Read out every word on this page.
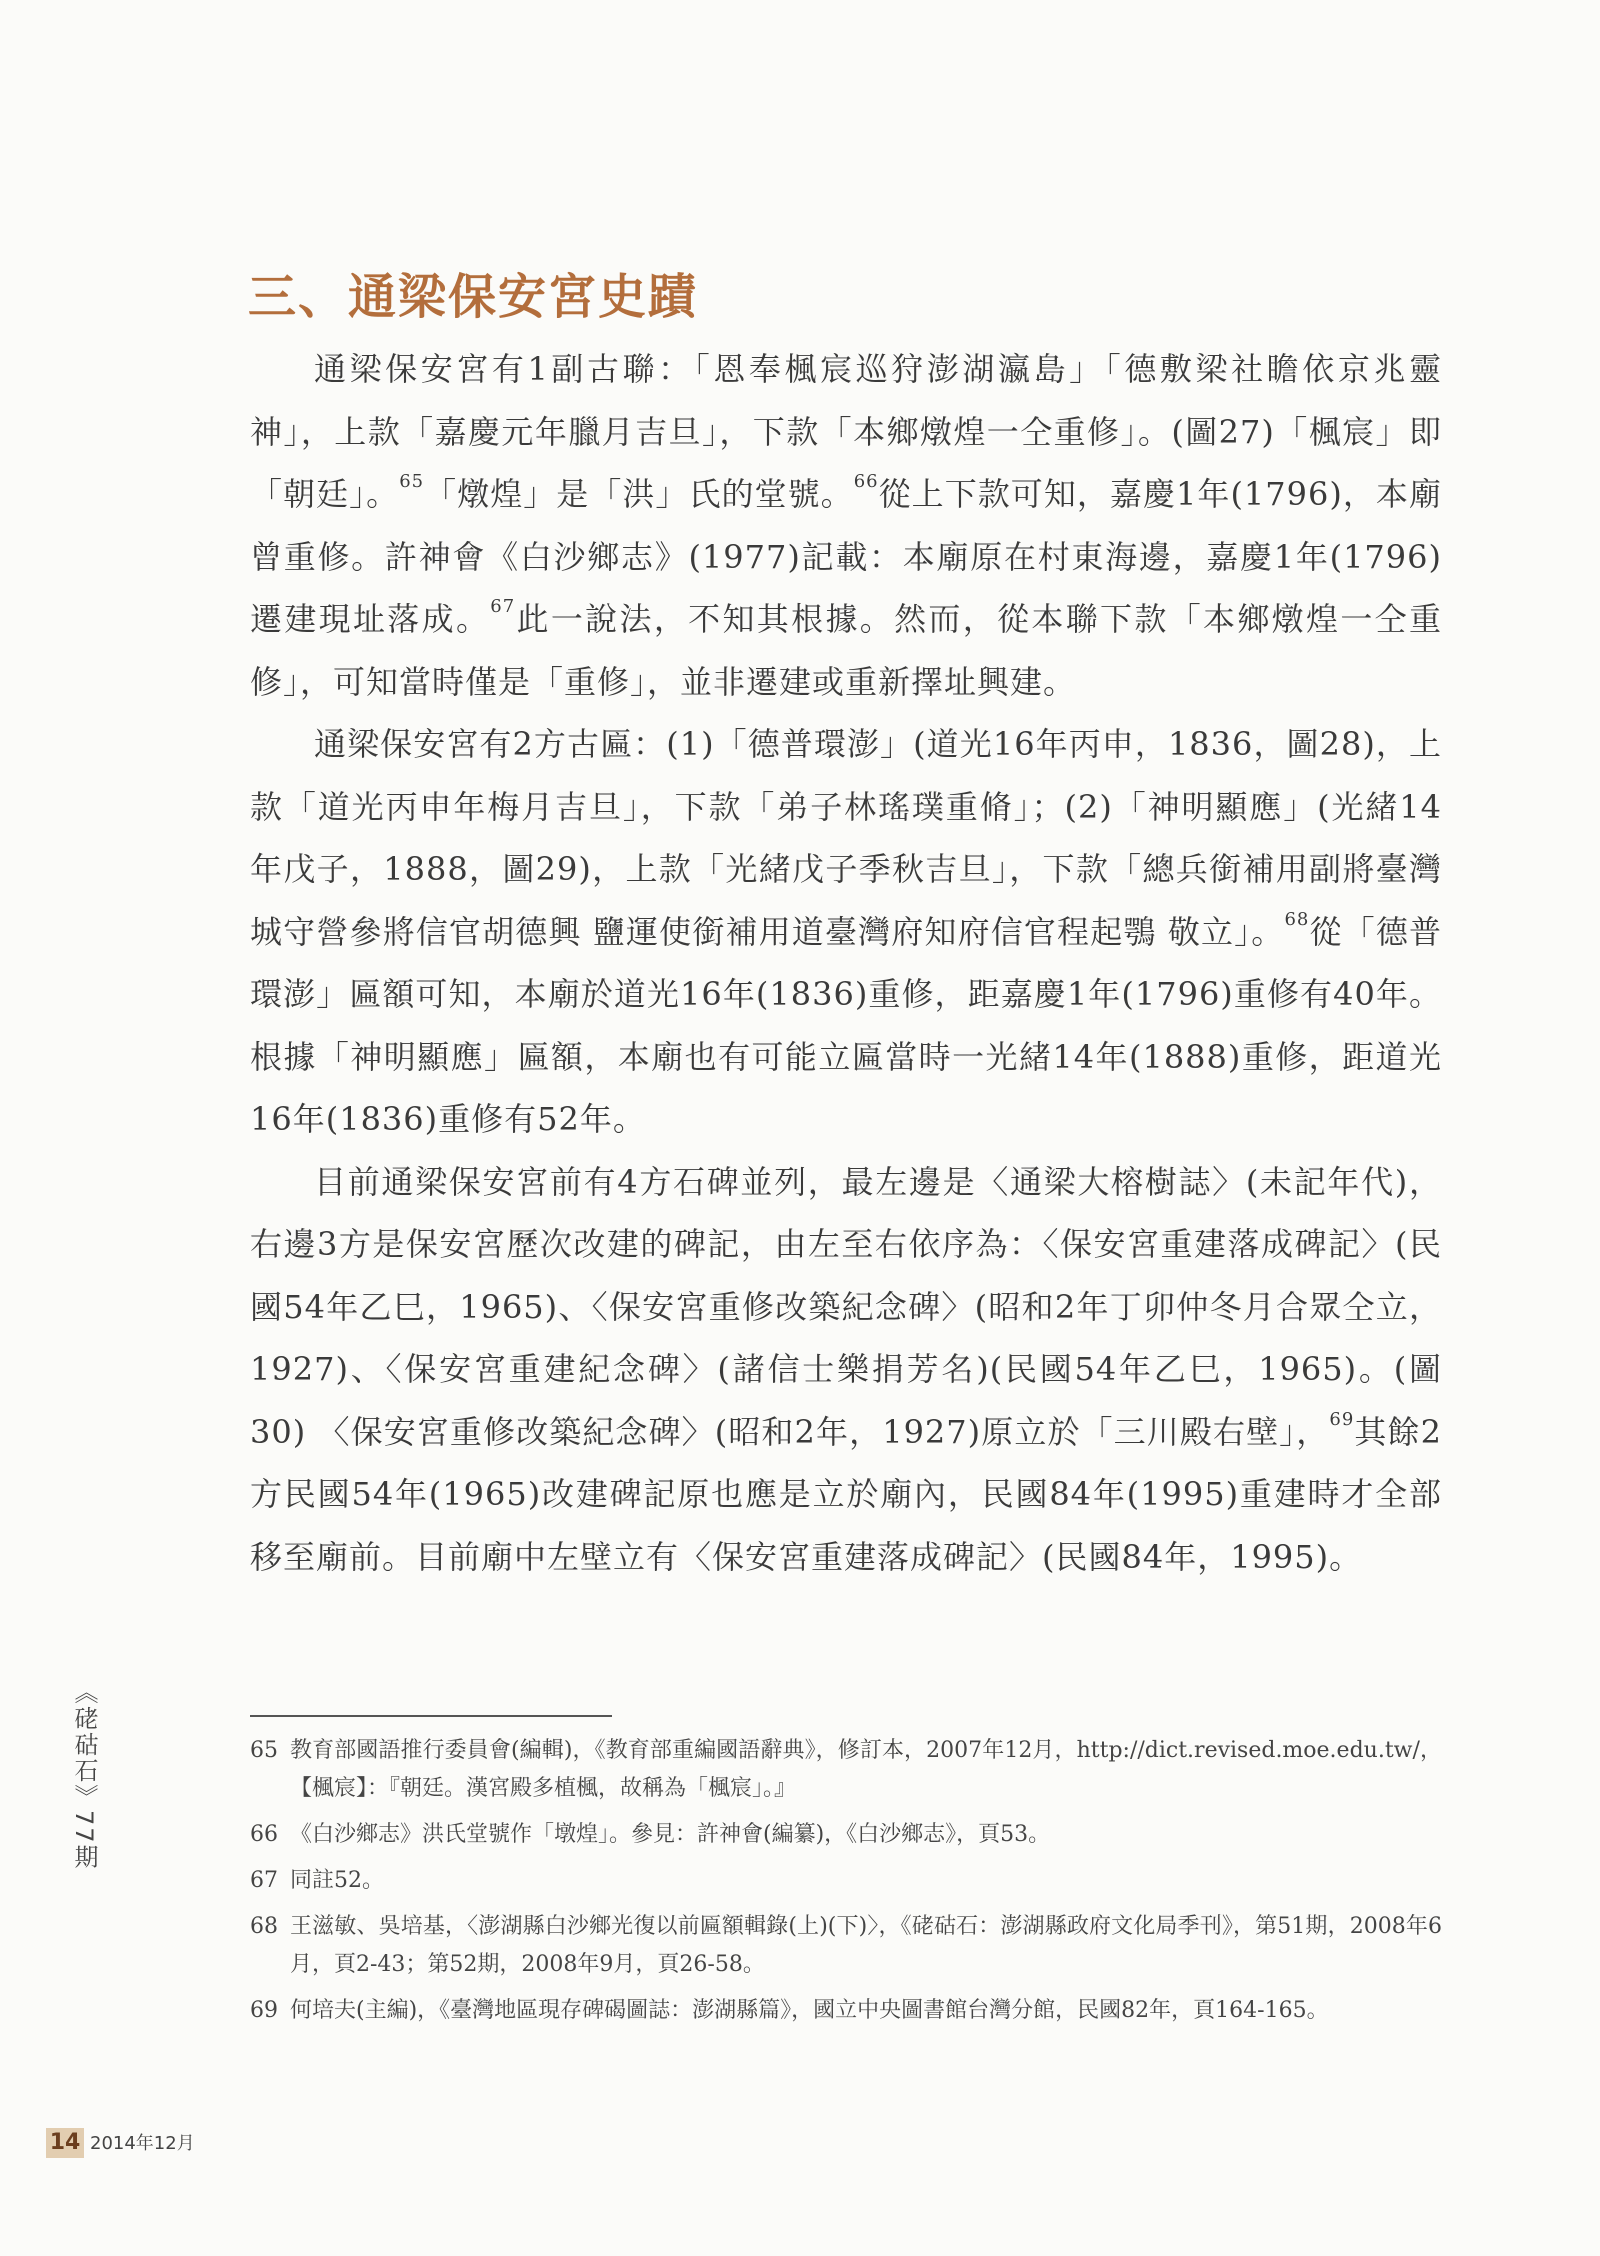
三、通梁保安宮史蹟

通梁保安宮有1副古聯：「恩奉楓宸巡狩澎湖瀛島」「德敷梁社瞻依京兆靈神」，上款「嘉慶元年臘月吉旦」，下款「本鄉燉煌一仝重修」。(圖27)「楓宸」即「朝廷」。$^{65}$「燉煌」是「洪」氏的堂號。$^{66}$從上下款可知，嘉慶1年(1796)，本廟曾重修。許神會《白沙鄉志》(1977)記載：本廟原在村東海邊，嘉慶1年(1796)遷建現址落成。$^{67}$此一說法，不知其根據。然而，從本聯下款「本鄉燉煌一仝重修」，可知當時僅是「重修」，並非遷建或重新擇址興建。

通梁保安宮有2方古匾：(1)「德普環澎」(道光16年丙申，1836，圖28)，上款「道光丙申年梅月吉旦」，下款「弟子林瑤璞重脩」；(2)「神明顯應」(光緒14年戊子，1888，圖29)，上款「光緒戊子季秋吉旦」，下款「總兵銜補用副將臺灣城守營參將信官胡德興 鹽運使銜補用道臺灣府知府信官程起鶚 敬立」。$^{68}$從「德普環澎」匾額可知，本廟於道光16年(1836)重修，距嘉慶1年(1796)重修有40年。根據「神明顯應」匾額，本廟也有可能立匾當時一光緒14年(1888)重修，距道光16年(1836)重修有52年。

目前通梁保安宮前有4方石碑並列，最左邊是〈通梁大榕樹誌〉(未記年代)，右邊3方是保安宮歷次改建的碑記，由左至右依序為：〈保安宮重建落成碑記〉(民國54年乙巳，1965)、〈保安宮重修改築紀念碑〉(昭和2年丁卯仲冬月合眾仝立，1927)、〈保安宮重建紀念碑〉(諸信士樂捐芳名)(民國54年乙巳，1965)。(圖30) 〈保安宮重修改築紀念碑〉(昭和2年，1927)原立於「三川殿右壁」，$^{69}$其餘2方民國54年(1965)改建碑記原也應是立於廟內，民國84年(1995)重建時才全部移至廟前。目前廟中左壁立有〈保安宮重建落成碑記〉(民國84年，1995)。

65 教育部國語推行委員會(編輯)，《教育部重編國語辭典》，修訂本，2007年12月，http://dict.revised.moe.edu.tw/，【楓宸】：『朝廷。漢宮殿多植楓，故稱為「楓宸」。』
66 《白沙鄉志》洪氏堂號作「墩煌」。參見：許神會(編纂)，《白沙鄉志》，頁53。
67 同註52。
68 王滋敏、吳培基，〈澎湖縣白沙鄉光復以前匾額輯錄(上)(下)〉，《硓𥑮石：澎湖縣政府文化局季刊》，第51期，2008年6月，頁2-43；第52期，2008年9月，頁26-58。
69 何培夫(主編)，《臺灣地區現存碑碣圖誌：澎湖縣篇》，國立中央圖書館台灣分館，民國82年，頁164-165。
《硓𥑮石》77期
14 2014年12月
